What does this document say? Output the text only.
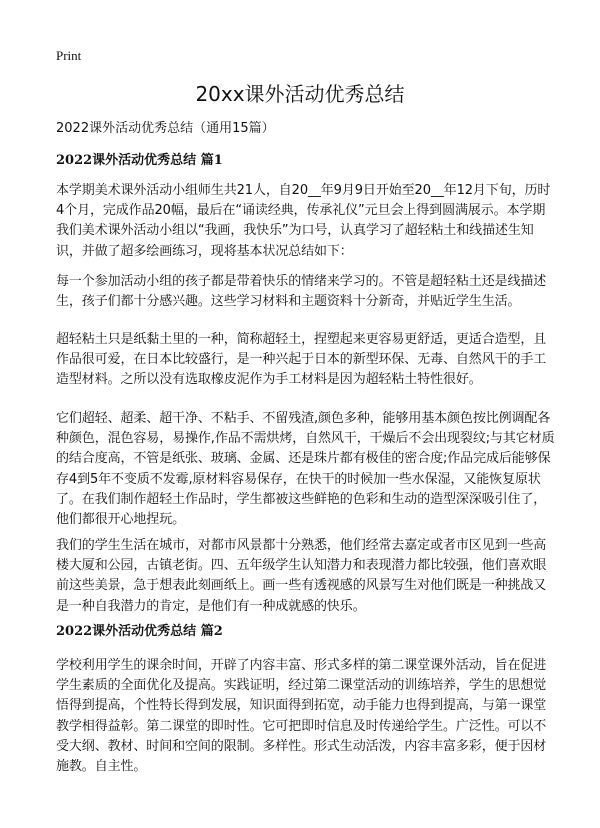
Print
20xx课外活动优秀总结
2022课外活动优秀总结（通用15篇）
2022课外活动优秀总结 篇1

本学期美术课外活动小组师生共21人，自20__年9月9日开始至20__年12月下旬，历时4个月，完成作品20幅，最后在“诵读经典，传承礼仪”元旦会上得到圆满展示。本学期我们美术课外活动小组以“我画，我快乐”为口号，认真学习了超轻粘土和线描述生知识，并做了超多绘画练习，现将基本状况总结如下：

每一个参加活动小组的孩子都是带着快乐的情绪来学习的。不管是超轻粘土还是线描述生，孩子们都十分感兴趣。这些学习材料和主题资料十分新奇，并贴近学生生活。

超轻粘土只是纸黏土里的一种，简称超轻土，捏塑起来更容易更舒适，更适合造型，且作品很可爱，在日本比较盛行，是一种兴起于日本的新型环保、无毒、自然风干的手工造型材料。之所以没有选取橡皮泥作为手工材料是因为超轻粘土特性很好。

它们超轻、超柔、超干净、不粘手、不留残渣,颜色多种，能够用基本颜色按比例调配各种颜色，混色容易，易操作,作品不需烘烤，自然风干，干燥后不会出现裂纹;与其它材质的结合度高，不管是纸张、玻璃、金属、还是珠片都有极佳的密合度;作品完成后能够保存4到5年不变质不发霉,原材料容易保存，在快干的时候加一些水保湿，又能恢复原状了。在我们制作超轻土作品时，学生都被这些鲜艳的色彩和生动的造型深深吸引住了，他们都很开心地捏玩。

我们的学生生活在城市，对都市风景都十分熟悉，他们经常去嘉定或者市区见到一些高楼大厦和公园，古镇老街。四、五年级学生认知潜力和表现潜力都比较强，他们喜欢眼前这些美景，急于想表此刻画纸上。画一些有透视感的风景写生对他们既是一种挑战又是一种自我潜力的肯定，是他们有一种成就感的快乐。

2022课外活动优秀总结 篇2

学校利用学生的课余时间，开辟了内容丰富、形式多样的第二课堂课外活动，旨在促进学生素质的全面优化及提高。实践证明，经过第二课堂活动的训练培养，学生的思想觉悟得到提高，个性特长得到发展，知识面得到拓宽，动手能力也得到提高，与第一课堂教学相得益彰。第二课堂的即时性。它可把即时信息及时传递给学生。广泛性。可以不受大纲、教材、时间和空间的限制。多样性。形式生动活泼，内容丰富多彩，便于因材施教。自主性。
